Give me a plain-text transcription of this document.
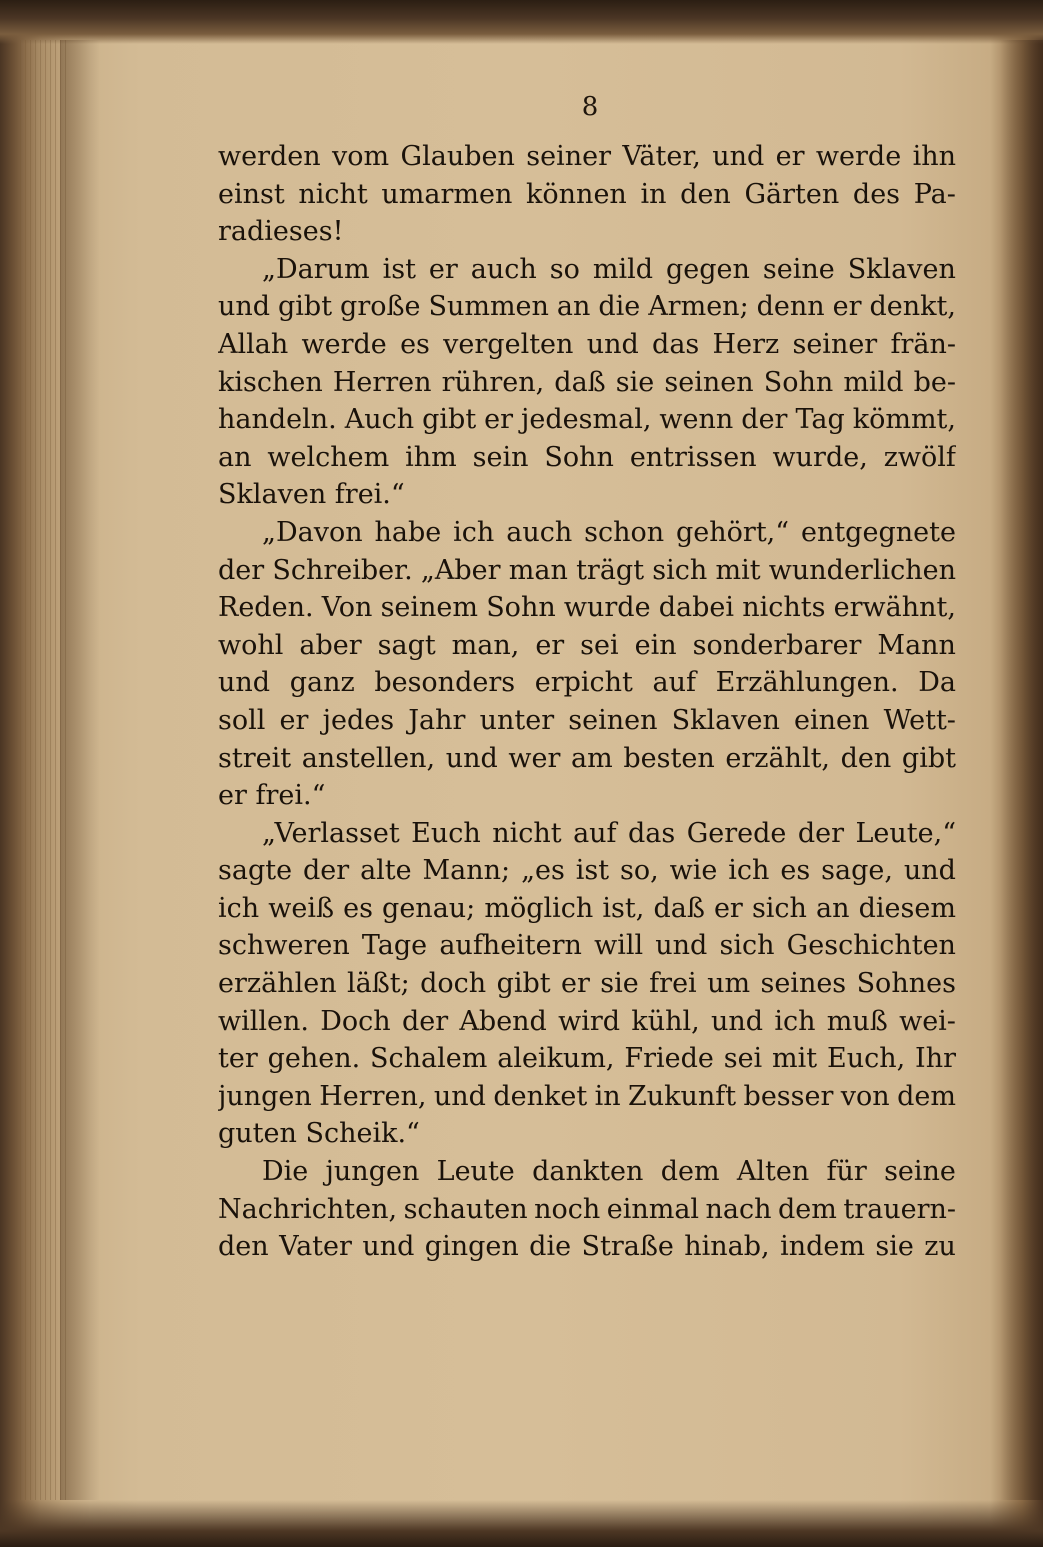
8
werden vom Glauben seiner Väter, und er werde ihn
einst nicht umarmen können in den Gärten des Pa-
radieses!
„Darum ist er auch so mild gegen seine Sklaven
und gibt große Summen an die Armen; denn er denkt,
Allah werde es vergelten und das Herz seiner frän-
kischen Herren rühren, daß sie seinen Sohn mild be-
handeln. Auch gibt er jedesmal, wenn der Tag kömmt,
an welchem ihm sein Sohn entrissen wurde, zwölf
Sklaven frei.“
„Davon habe ich auch schon gehört,“ entgegnete
der Schreiber. „Aber man trägt sich mit wunderlichen
Reden. Von seinem Sohn wurde dabei nichts erwähnt,
wohl aber sagt man, er sei ein sonderbarer Mann
und ganz besonders erpicht auf Erzählungen. Da
soll er jedes Jahr unter seinen Sklaven einen Wett-
streit anstellen, und wer am besten erzählt, den gibt
er frei.“
„Verlasset Euch nicht auf das Gerede der Leute,“
sagte der alte Mann; „es ist so, wie ich es sage, und
ich weiß es genau; möglich ist, daß er sich an diesem
schweren Tage aufheitern will und sich Geschichten
erzählen läßt; doch gibt er sie frei um seines Sohnes
willen. Doch der Abend wird kühl, und ich muß wei-
ter gehen. Schalem aleikum, Friede sei mit Euch, Ihr
jungen Herren, und denket in Zukunft besser von dem
guten Scheik.“
Die jungen Leute dankten dem Alten für seine
Nachrichten, schauten noch einmal nach dem trauern-
den Vater und gingen die Straße hinab, indem sie zu
